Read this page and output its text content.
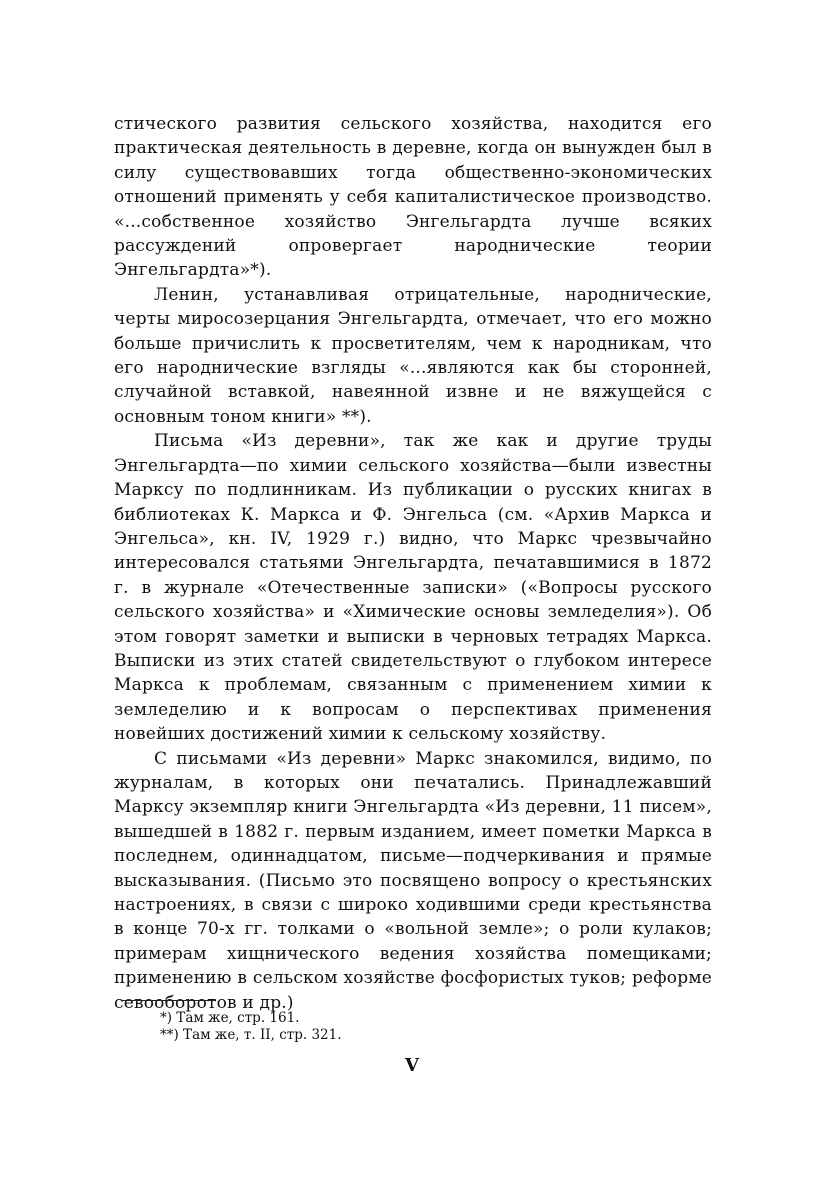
стического развития сельского хозяйства, находится его практическая деятельность в деревне, когда он вынужден был в силу существовавших тогда общественно-экономических отношений применять у себя капиталистическое производство. «...собственное хозяйство Энгельгардта лучше всяких рассуждений опровергает народнические теории Энгельгардта»*).

Ленин, устанавливая отрицательные, народнические, черты миросозерцания Энгельгардта, отмечает, что его можно больше причислить к просветителям, чем к народникам, что его народнические взгляды «...являются как бы сторонней, случайной вставкой, навеянной извне и не вяжущейся с основным тоном книги» **).

Письма «Из деревни», так же как и другие труды Энгельгардта—по химии сельского хозяйства—были известны Марксу по подлинникам. Из публикации о русских книгах в библиотеках К. Маркса и Ф. Энгельса (см. «Архив Маркса и Энгельса», кн. IV, 1929 г.) видно, что Маркс чрезвычайно интересовался статьями Энгельгардта, печатавшимися в 1872 г. в журнале «Отечественные записки» («Вопросы русского сельского хозяйства» и «Химические основы земледелия»). Об этом говорят заметки и выписки в черновых тетрадях Маркса. Выписки из этих статей свидетельствуют о глубоком интересе Маркса к проблемам, связанным с применением химии к земледелию и к вопросам о перспективах применения новейших достижений химии к сельскому хозяйству.

С письмами «Из деревни» Маркс знакомился, видимо, по журналам, в которых они печатались. Принадлежавший Марксу экземпляр книги Энгельгардта «Из деревни, 11 писем», вышедшей в 1882 г. первым изданием, имеет пометки Маркса в последнем, одиннадцатом, письме—подчеркивания и прямые высказывания. (Письмо это посвящено вопросу о крестьянских настроениях, в связи с широко ходившими среди крестьянства в конце 70-х гг. толками о «вольной земле»; о роли кулаков; примерам хищнического ведения хозяйства помещиками; применению в сельском хозяйстве фосфористых туков; реформе севооборотов и др.)

*) Там же, стр. 161.
**) Там же, т. II, стр. 321.
V
